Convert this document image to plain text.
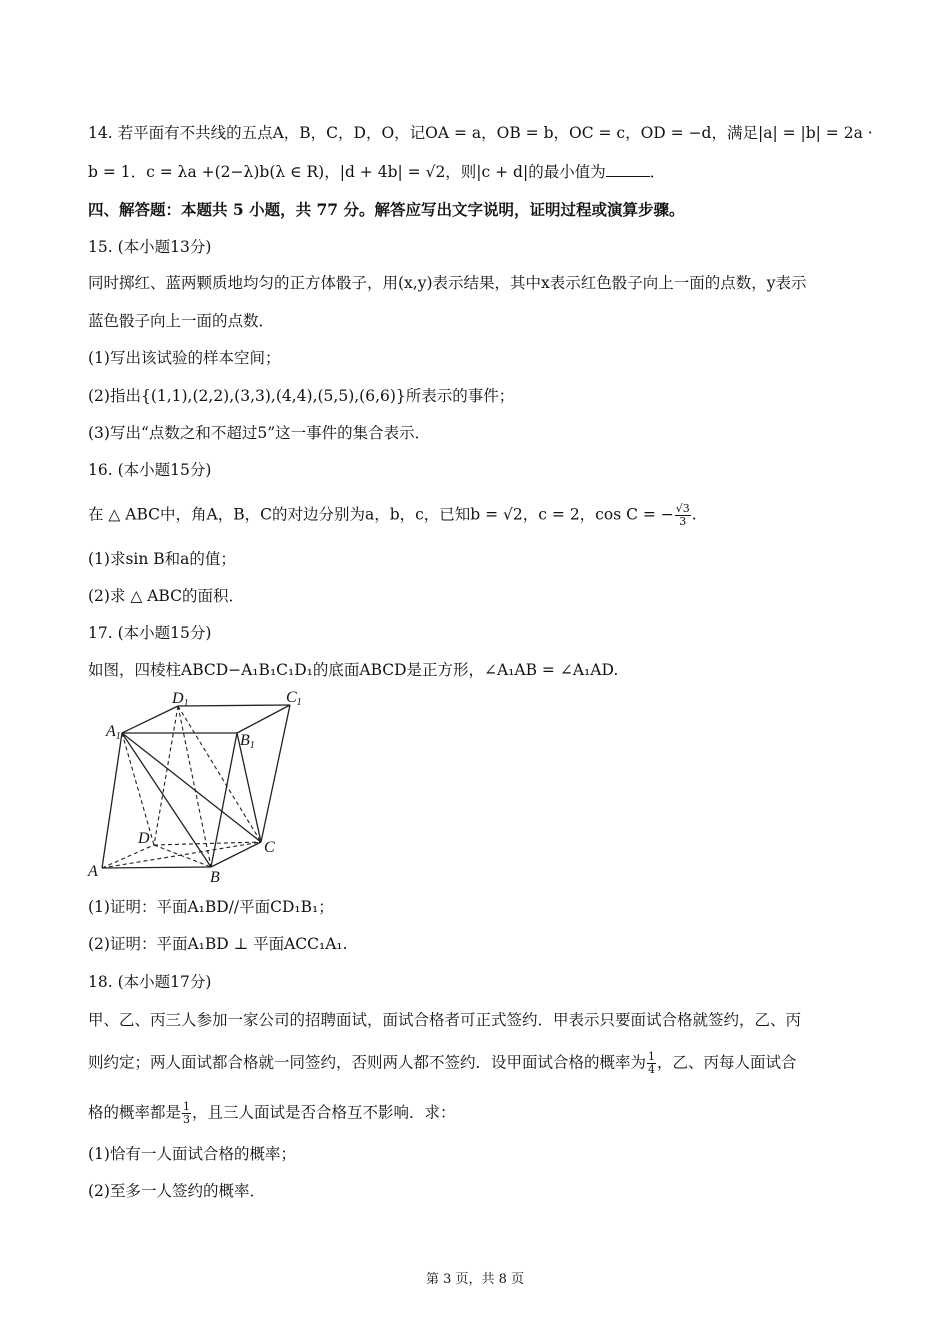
14. 若平面有不共线的五点A，B，C，D，O，记OA = a，OB = b，OC = c，OD = −d，满足|a| = |b| = 2a ·
b = 1．c = λa +(2−λ)b(λ ∈ R)，|d + 4b| = √2，则|c + d|的最小值为	．
四、解答题：本题共 5 小题，共 77 分。解答应写出文字说明，证明过程或演算步骤。
15. (本小题13分)
同时掷红、蓝两颗质地均匀的正方体骰子，用(x,y)表示结果，其中x表示红色骰子向上一面的点数，y表示
蓝色骰子向上一面的点数．
(1)写出该试验的样本空间；
(2)指出{(1,1),(2,2),(3,3),(4,4),(5,5),(6,6)}所表示的事件；
(3)写出“点数之和不超过5”这一事件的集合表示．
16. (本小题15分)
在 △ ABC中，角A，B，C的对边分别为a，b，c，已知b = √2，c = 2，cos C = − $\frac{√3}{3}$ .
(1)求sin B和a的值；
(2)求 △ ABC的面积．
17. (本小题15分)
如图，四棱柱ABCD−A₁B₁C₁D₁的底面ABCD是正方形，∠A₁AB = ∠A₁AD.
D1	C1
A1	B1
D
C
A	B
(1)证明：平面A₁BD//平面CD₁B₁；
(2)证明：平面A₁BD ⊥ 平面ACC₁A₁.
18. (本小题17分)
甲、乙、丙三人参加一家公司的招聘面试，面试合格者可正式签约．甲表示只要面试合格就签约，乙、丙
则约定；两人面试都合格就一同签约，否则两人都不签约．设甲面试合格的概率为 $\frac{1}{4}$ ，乙、丙每人面试合
格的概率都是 $\frac{1}{3}$ ，且三人面试是否合格互不影响．求：
(1)恰有一人面试合格的概率；
(2)至多一人签约的概率．
第 3 页，共 8 页
